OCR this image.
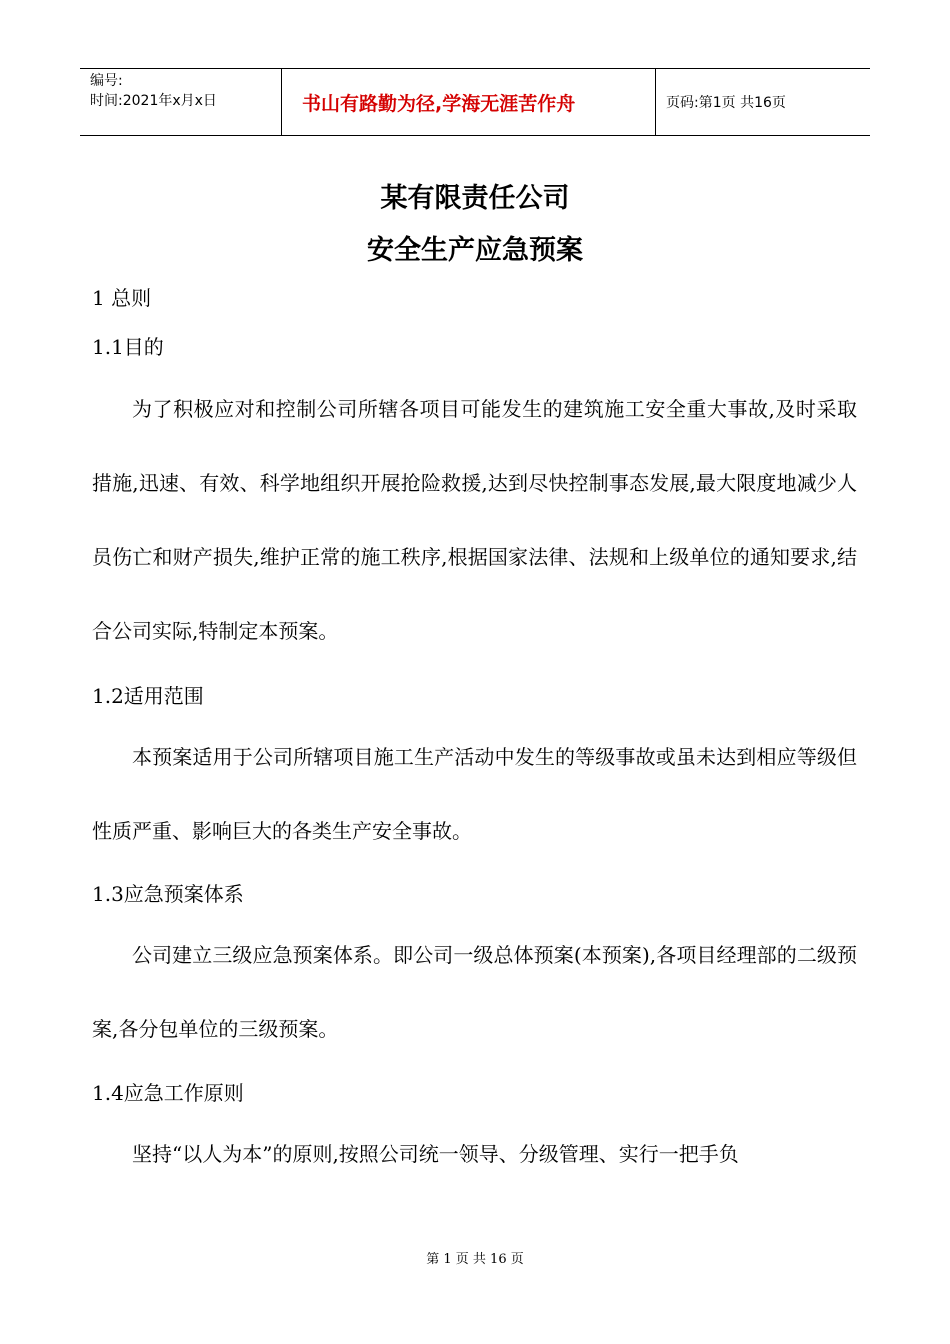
编号:
时间:2021年x月x日	书山有路勤为径,学海无涯苦作舟	页码:第1页 共16页
某有限责任公司
安全生产应急预案
1 总则
1.1目的

为了积极应对和控制公司所辖各项目可能发生的建筑施工安全重大事故,及时采取措施,迅速、有效、科学地组织开展抢险救援,达到尽快控制事态发展,最大限度地减少人员伤亡和财产损失,维护正常的施工秩序,根据国家法律、法规和上级单位的通知要求,结合公司实际,特制定本预案。

1.2适用范围

本预案适用于公司所辖项目施工生产活动中发生的等级事故或虽未达到相应等级但性质严重、影响巨大的各类生产安全事故。

1.3应急预案体系

公司建立三级应急预案体系。即公司一级总体预案(本预案),各项目经理部的二级预案,各分包单位的三级预案。

1.4应急工作原则

坚持“以人为本”的原则,按照公司统一领导、分级管理、实行一把手负

第 1 页 共 16 页
